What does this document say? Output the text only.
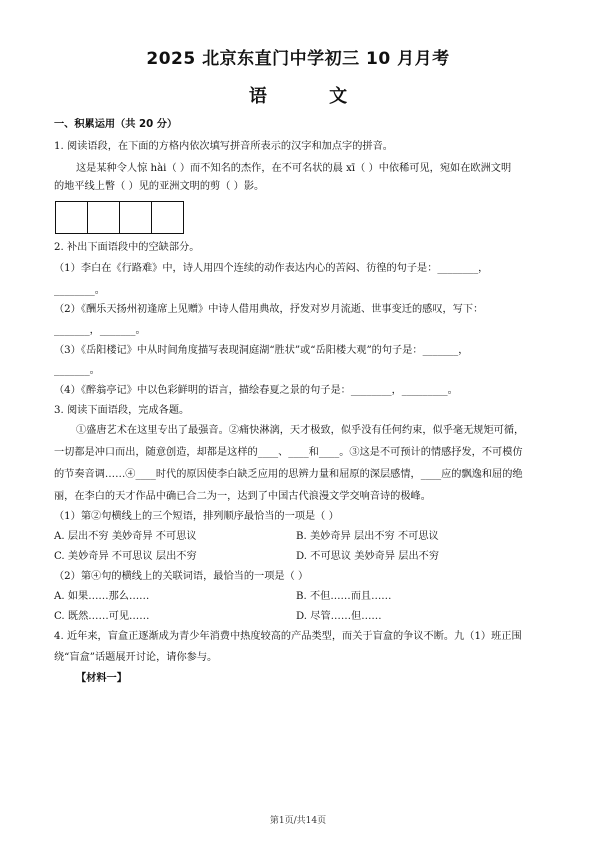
2025 北京东直门中学初三 10 月月考
语 文
一、积累运用（共 20 分）
1. 阅读语段，在下面的方格内依次填写拼音所表示的汉字和加点字的拼音。
这是某种令人惊 hài（ ）而不知名的杰作，在不可名状的晨 xī（ ）中依稀可见，宛如在欧洲文明
的地平线上瞥（ ）见的亚洲文明的剪（ ）影。
2. 补出下面语段中的空缺部分。
（1）李白在《行路难》中，诗人用四个连续的动作表达内心的苦闷、彷徨的句子是：________，
________。
（2）《酬乐天扬州初逢席上见赠》中诗人借用典故，抒发对岁月流逝、世事变迁的感叹，写下：
_______，_______。
（3）《岳阳楼记》中从时间角度描写表现洞庭湖“胜状”或“岳阳楼大观”的句子是：_______，
_______。
（4）《醉翁亭记》中以色彩鲜明的语言，描绘春夏之景的句子是：________，_________。
3. 阅读下面语段，完成各题。
①盛唐艺术在这里专出了最强音。②痛快淋漓，天才极致，似乎没有任何约束，似乎毫无规矩可循，
一切都是冲口而出，随意创造，却都是这样的____、____和____。③这是不可预计的情感抒发，不可模仿
的节奏音调……④____时代的原因使李白缺乏应用的思辨力量和屈原的深层感情，____应的飘逸和屈的绝
丽，在李白的天才作品中确已合二为一，达到了中国古代浪漫文学交响音诗的极峰。
（1）第②句横线上的三个短语，排列顺序最恰当的一项是（ ）
A. 层出不穷 美妙奇异 不可思议	B. 美妙奇异 层出不穷 不可思议
C. 美妙奇异 不可思议 层出不穷	D. 不可思议 美妙奇异 层出不穷
（2）第④句的横线上的关联词语，最恰当的一项是（ ）
A. 如果……那么……	B. 不但……而且……
C. 既然……可见……	D. 尽管……但……
4. 近年来，盲盒正逐渐成为青少年消费中热度较高的产品类型，而关于盲盒的争议不断。九（1）班正围
绕“盲盒”话题展开讨论，请你参与。
【材料一】
第1页/共14页
